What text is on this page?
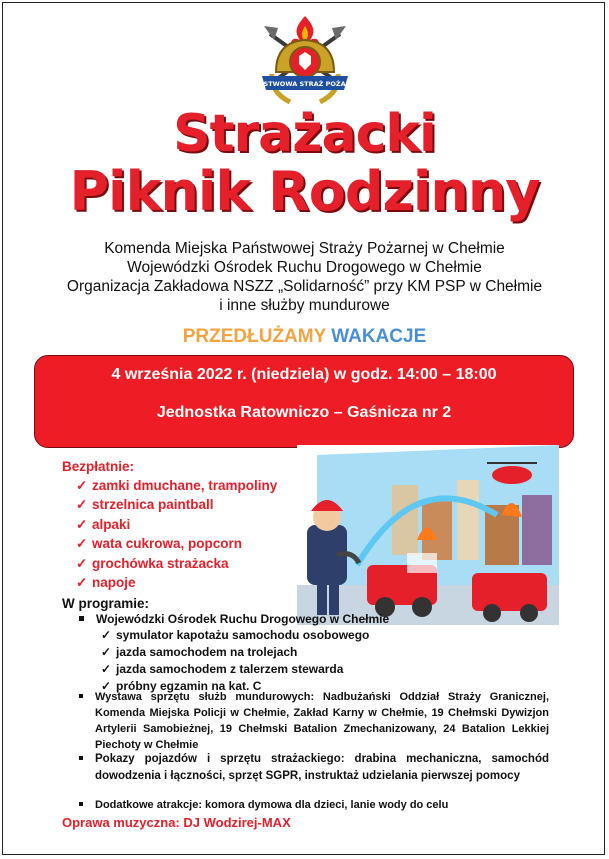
PAŃSTWOWA STRAŻ POŻARNA
Strażacki
Piknik Rodzinny
Komenda Miejska Państwowej Straży Pożarnej w Chełmie
Wojewódzki Ośrodek Ruchu Drogowego w Chełmie
Organizacja Zakładowa NSZZ „Solidarność” przy KM PSP w Chełmie
i inne służby mundurowe
PRZEDŁUŻAMY WAKACJE
4 września 2022 r. (niedziela) w godz. 14:00 – 18:00
Jednostka Ratowniczo – Gaśnicza nr 2
Bezpłatnie:
✓ zamki dmuchane, trampoliny
✓ strzelnica paintball
✓ alpaki
✓ wata cukrowa, popcorn
✓ grochówka strażacka
✓ napoje
W programie:
Wojewódzki Ośrodek Ruchu Drogowego w Chełmie
✓ symulator kapotażu samochodu osobowego
✓ jazda samochodem na trolejach
✓ jazda samochodem z talerzem stewarda
✓ próbny egzamin na kat. C
Wystawa sprzętu służb mundurowych: Nadbużański Oddział Straży Granicznej, Komenda Miejska Policji w Chełmie, Zakład Karny w Chełmie, 19 Chełmski Dywizjon Artylerii Samobieżnej, 19 Chełmski Batalion Zmechanizowany, 24 Batalion Lekkiej Piechoty w Chełmie
Pokazy pojazdów i sprzętu strażackiego: drabina mechaniczna, samochód dowodzenia i łączności, sprzęt SGPR, instruktaż udzielania pierwszej pomocy
Dodatkowe atrakcje: komora dymowa dla dzieci, lanie wody do celu
Oprawa muzyczna: DJ Wodzirej-MAX
